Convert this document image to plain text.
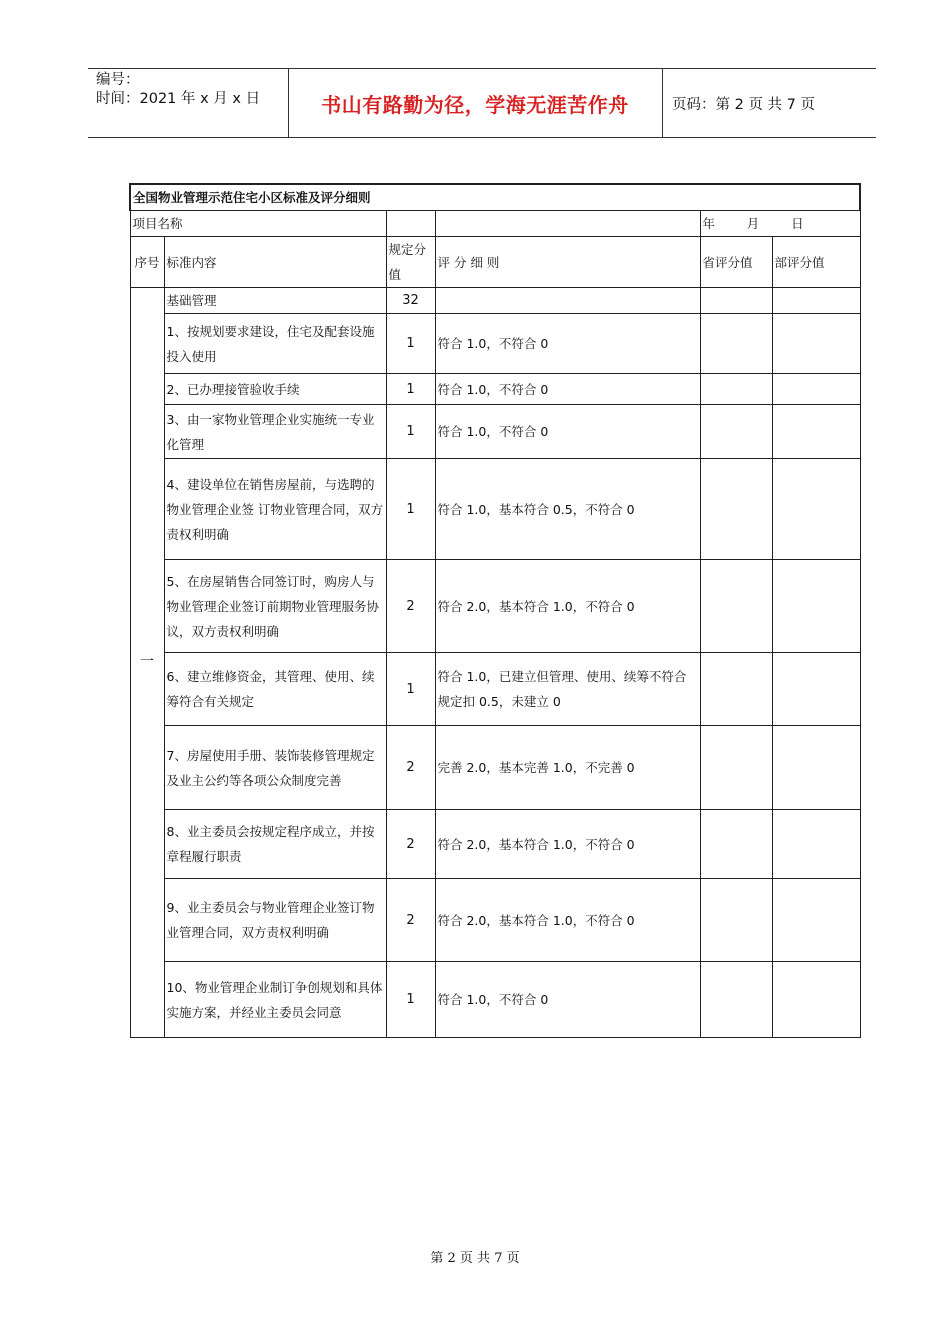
编号：
时间：2021 年 x 月 x 日	书山有路勤为径，学海无涯苦作舟	页码：第 2 页 共 7 页
全国物业管理示范住宅小区标准及评分细则					
项目名称				年        月        日	
序号	标准内容	规定分值	评 分 细 则	省评分值	部评分值
一	基础管理	32			
	1、按规划要求建设，住宅及配套设施投入使用	1	符合 1.0，不符合 0		
	2、已办理接管验收手续	1	符合 1.0，不符合 0		
	3、由一家物业管理企业实施统一专业化管理	1	符合 1.0，不符合 0		
	4、建设单位在销售房屋前，与选聘的物业管理企业签 订物业管理合同，双方责权利明确	1	符合 1.0，基本符合 0.5，不符合 0		
	5、在房屋销售合同签订时，购房人与物业管理企业签订前期物业管理服务协议，双方责权利明确	2	符合 2.0，基本符合 1.0，不符合 0		
	6、建立维修资金，其管理、使用、续筹符合有关规定	1	符合 1.0，已建立但管理、使用、续筹不符合规定扣 0.5，未建立 0		
	7、房屋使用手册、装饰装修管理规定及业主公约等各项公众制度完善	2	完善 2.0，基本完善 1.0，不完善 0		
	8、业主委员会按规定程序成立，并按章程履行职责	2	符合 2.0，基本符合 1.0，不符合 0		
	9、业主委员会与物业管理企业签订物业管理合同，双方责权利明确	2	符合 2.0，基本符合 1.0，不符合 0		
	10、物业管理企业制订争创规划和具体实施方案，并经业主委员会同意	1	符合 1.0，不符合 0		
第 2 页 共 7 页
